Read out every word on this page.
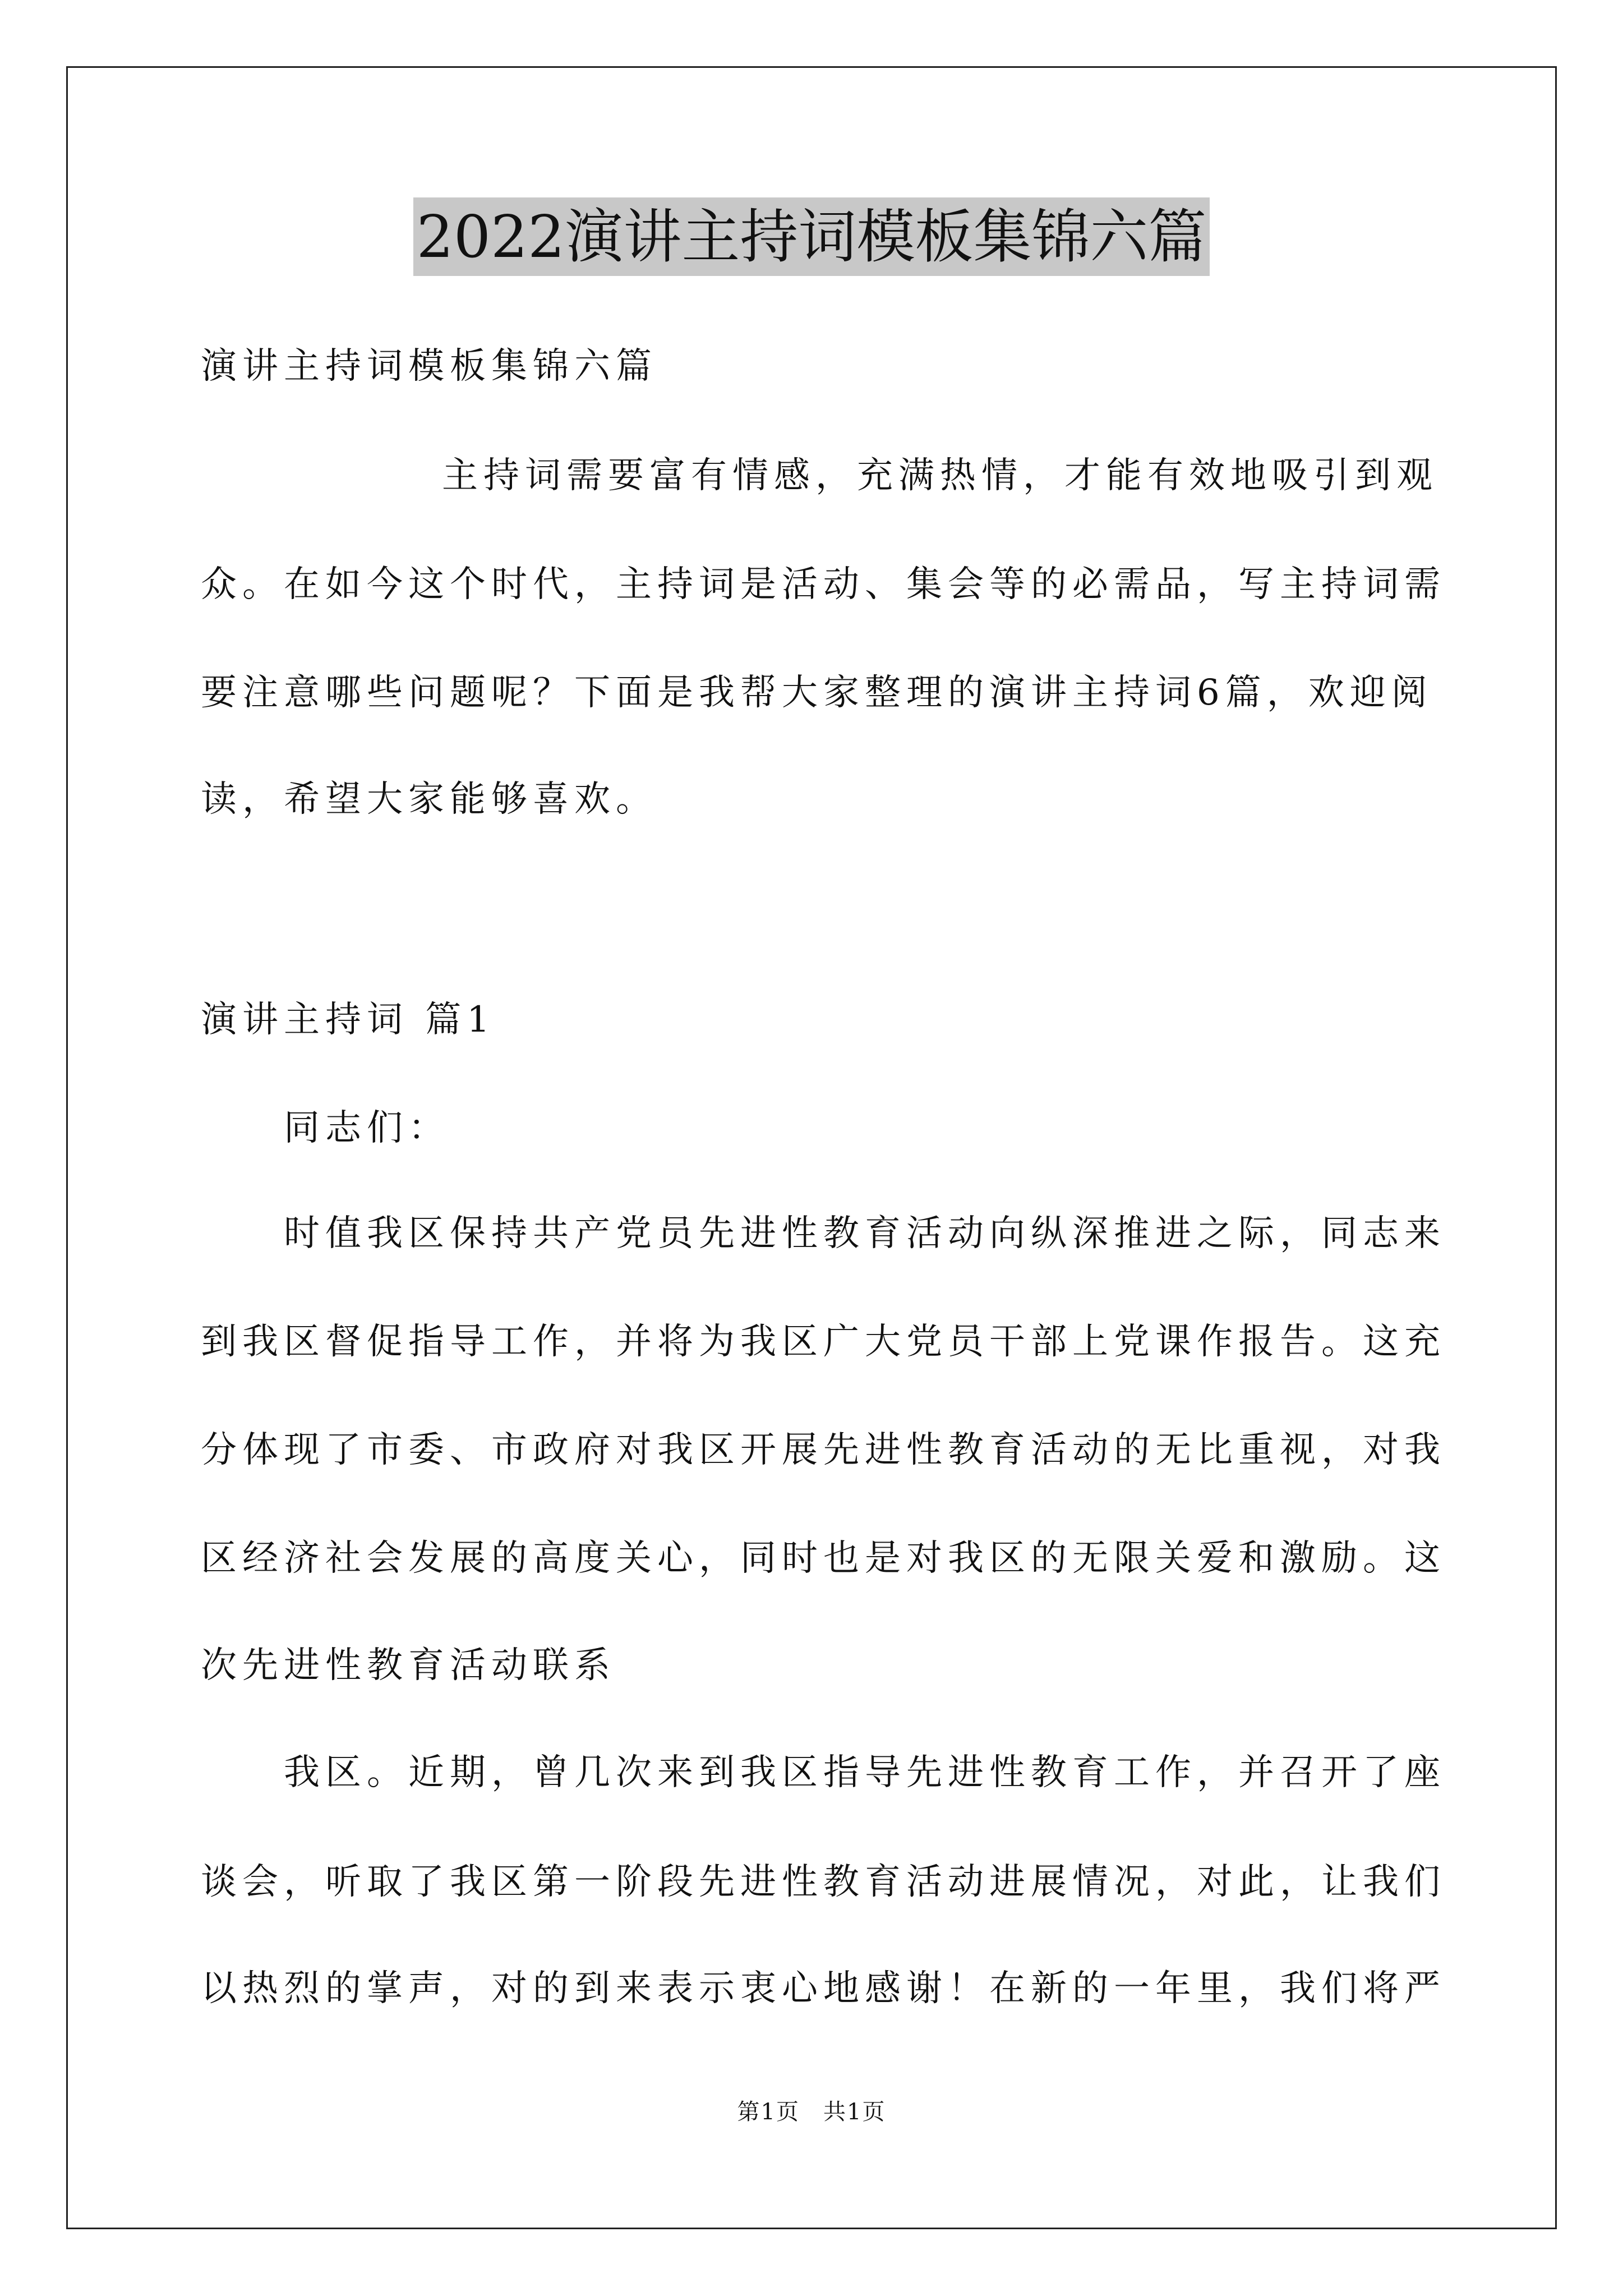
2022演讲主持词模板集锦六篇
演讲主持词模板集锦六篇
主持词需要富有情感，充满热情，才能有效地吸引到观
众。在如今这个时代，主持词是活动、集会等的必需品，写主持词需
要注意哪些问题呢？下面是我帮大家整理的演讲主持词6篇，欢迎阅
读，希望大家能够喜欢。
演讲主持词 篇1
同志们：
时值我区保持共产党员先进性教育活动向纵深推进之际，同志来
到我区督促指导工作，并将为我区广大党员干部上党课作报告。这充
分体现了市委、市政府对我区开展先进性教育活动的无比重视，对我
区经济社会发展的高度关心，同时也是对我区的无限关爱和激励。这
次先进性教育活动联系
我区。近期，曾几次来到我区指导先进性教育工作，并召开了座
谈会，听取了我区第一阶段先进性教育活动进展情况，对此，让我们
以热烈的掌声，对的到来表示衷心地感谢！在新的一年里，我们将严
第1页　共1页
